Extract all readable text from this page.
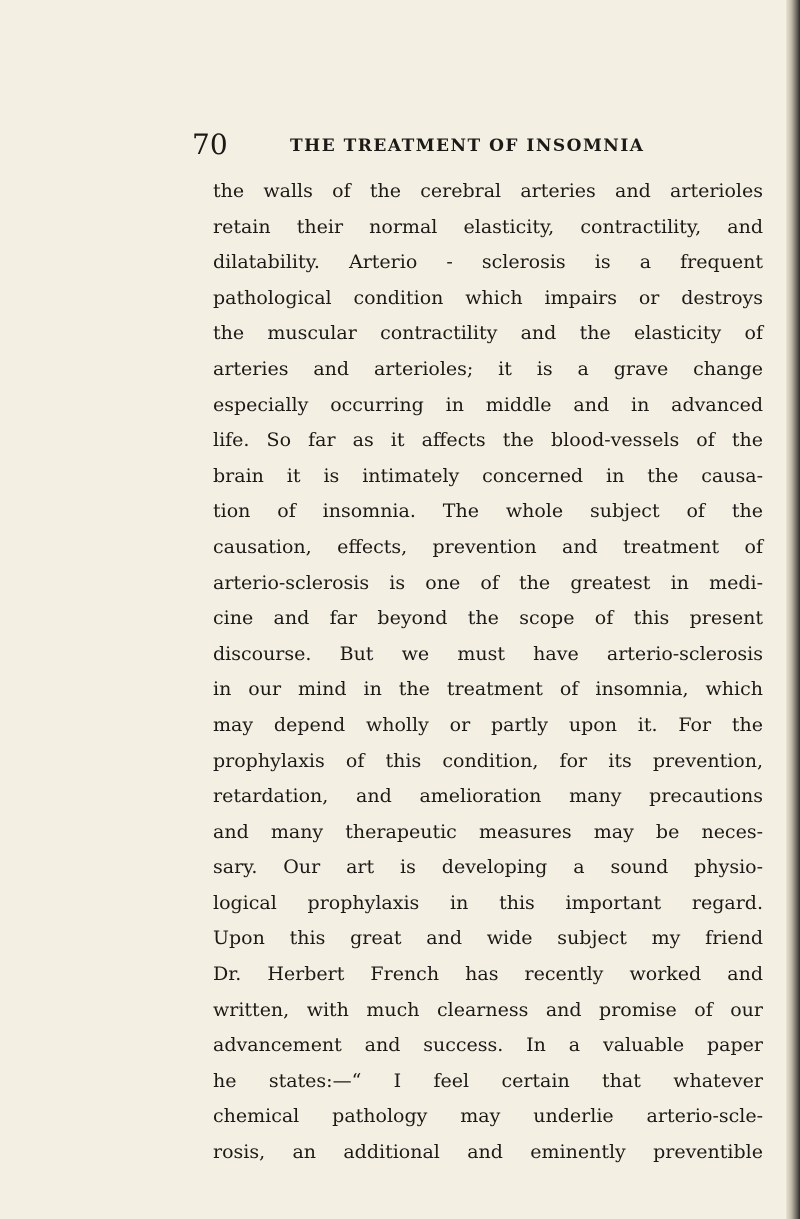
70	THE TREATMENT OF INSOMNIA
the walls of the cerebral arteries and arterioles
retain their normal elasticity, contractility, and
dilatability. Arterio - sclerosis is a frequent
pathological condition which impairs or destroys
the muscular contractility and the elasticity of
arteries and arterioles; it is a grave change
especially occurring in middle and in advanced
life. So far as it affects the blood-vessels of the
brain it is intimately concerned in the causa-
tion of insomnia. The whole subject of the
causation, effects, prevention and treatment of
arterio-sclerosis is one of the greatest in medi-
cine and far beyond the scope of this present
discourse. But we must have arterio-sclerosis
in our mind in the treatment of insomnia, which
may depend wholly or partly upon it. For the
prophylaxis of this condition, for its prevention,
retardation, and amelioration many precautions
and many therapeutic measures may be neces-
sary. Our art is developing a sound physio-
logical prophylaxis in this important regard.
Upon this great and wide subject my friend
Dr. Herbert French has recently worked and
written, with much clearness and promise of our
advancement and success. In a valuable paper
he states:—“ I feel certain that whatever
chemical pathology may underlie arterio-scle-
rosis, an additional and eminently preventible
